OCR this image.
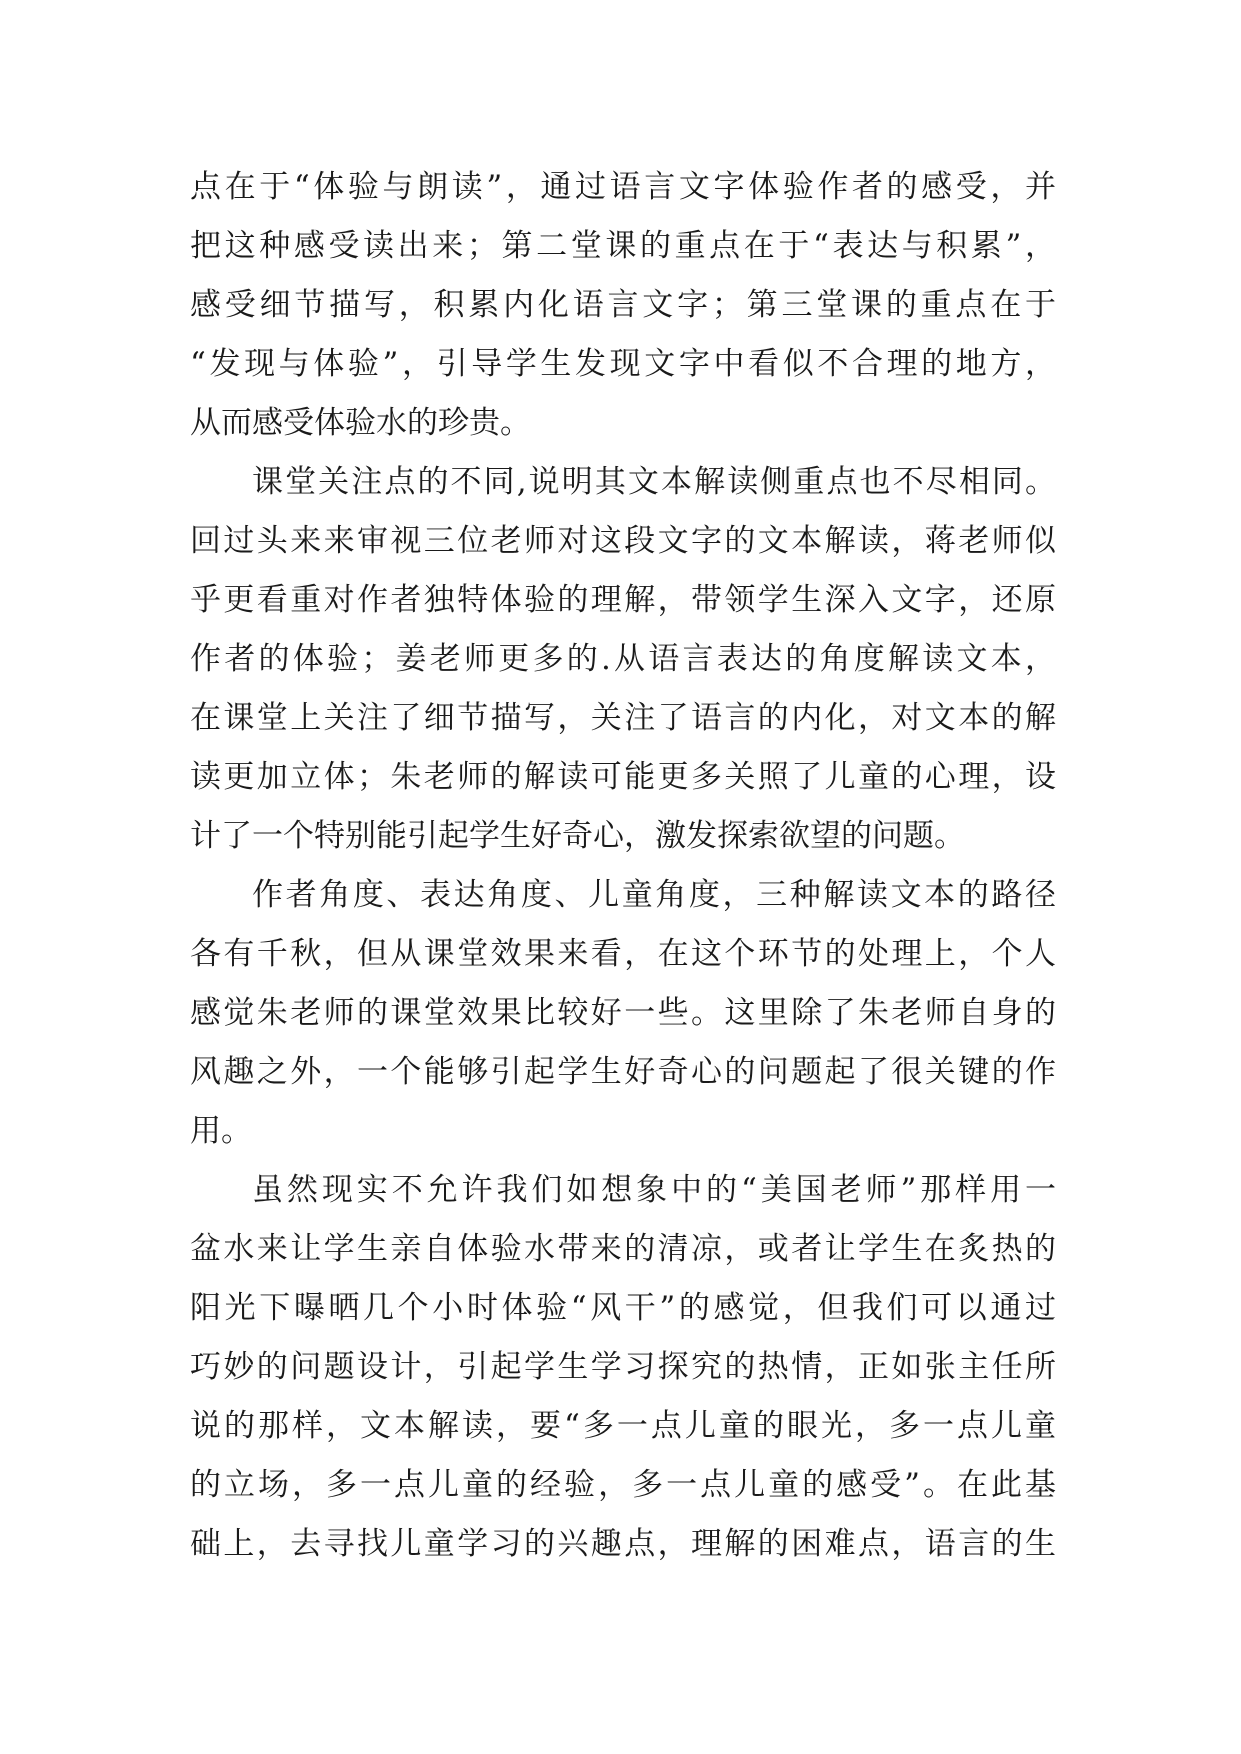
点在于“体验与朗读”，通过语言文字体验作者的感受，并
把这种感受读出来；第二堂课的重点在于“表达与积累”，
感受细节描写，积累内化语言文字；第三堂课的重点在于
“发现与体验”，引导学生发现文字中看似不合理的地方，
从而感受体验水的珍贵。
课堂关注点的不同,说明其文本解读侧重点也不尽相同。
回过头来来审视三位老师对这段文字的文本解读，蒋老师似
乎更看重对作者独特体验的理解，带领学生深入文字，还原
作者的体验；姜老师更多的.从语言表达的角度解读文本，
在课堂上关注了细节描写，关注了语言的内化，对文本的解
读更加立体；朱老师的解读可能更多关照了儿童的心理，设
计了一个特别能引起学生好奇心，激发探索欲望的问题。
作者角度、表达角度、儿童角度，三种解读文本的路径
各有千秋，但从课堂效果来看，在这个环节的处理上，个人
感觉朱老师的课堂效果比较好一些。这里除了朱老师自身的
风趣之外，一个能够引起学生好奇心的问题起了很关键的作
用。
虽然现实不允许我们如想象中的“美国老师”那样用一
盆水来让学生亲自体验水带来的清凉，或者让学生在炙热的
阳光下曝晒几个小时体验“风干”的感觉，但我们可以通过
巧妙的问题设计，引起学生学习探究的热情，正如张主任所
说的那样，文本解读，要“多一点儿童的眼光，多一点儿童
的立场，多一点儿童的经验，多一点儿童的感受”。在此基
础上，去寻找儿童学习的兴趣点，理解的困难点，语言的生
